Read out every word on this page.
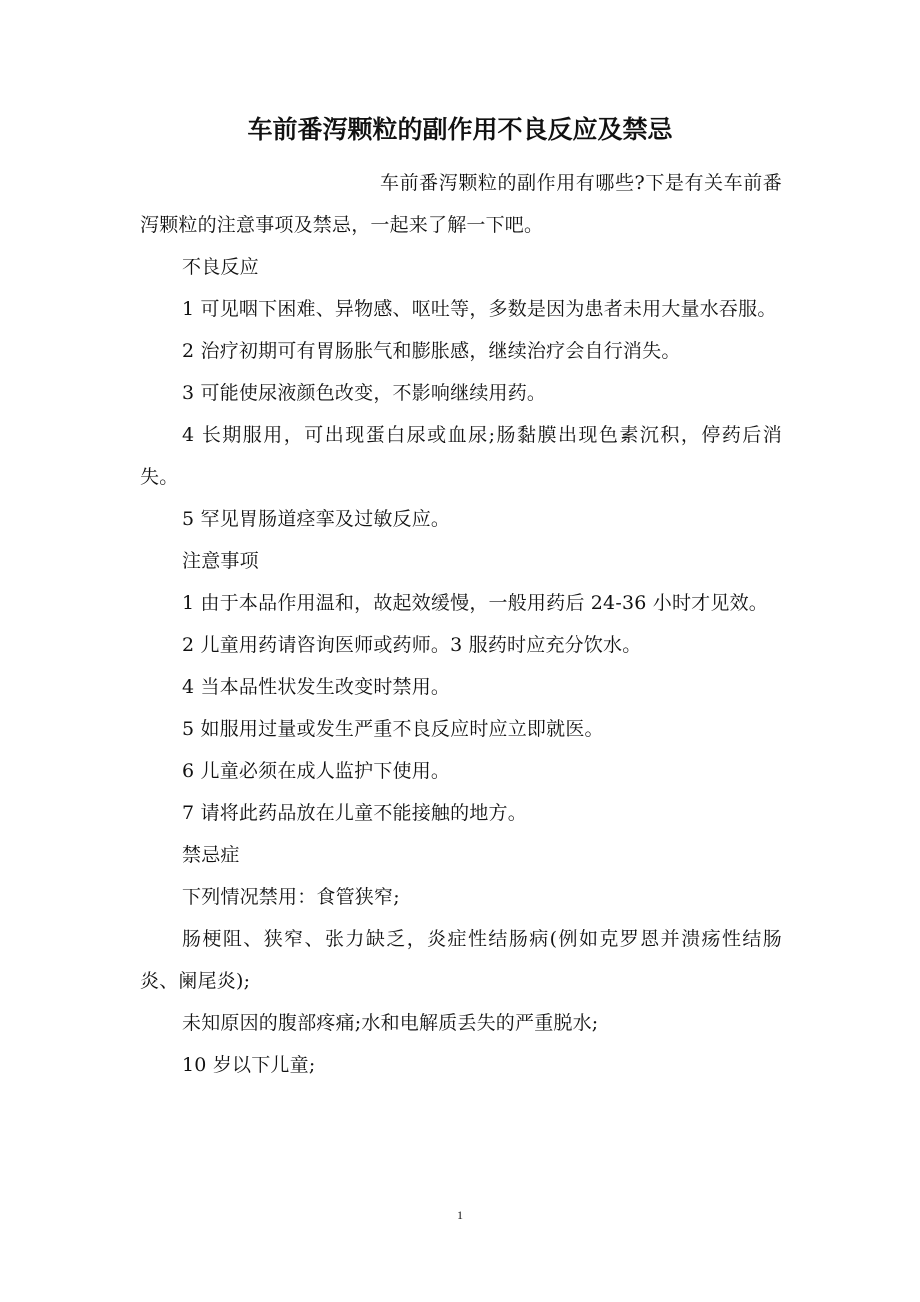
车前番泻颗粒的副作用不良反应及禁忌

车前番泻颗粒的副作用有哪些?下是有关车前番泻颗粒的注意事项及禁忌，一起来了解一下吧。

不良反应

1 可见咽下困难、异物感、呕吐等，多数是因为患者未用大量水吞服。

2 治疗初期可有胃肠胀气和膨胀感，继续治疗会自行消失。

3 可能使尿液颜色改变，不影响继续用药。

4 长期服用，可出现蛋白尿或血尿;肠黏膜出现色素沉积，停药后消失。

5 罕见胃肠道痉挛及过敏反应。

注意事项

1 由于本品作用温和，故起效缓慢，一般用药后 24-36 小时才见效。

2 儿童用药请咨询医师或药师。3 服药时应充分饮水。

4 当本品性状发生改变时禁用。

5 如服用过量或发生严重不良反应时应立即就医。

6 儿童必须在成人监护下使用。

7 请将此药品放在儿童不能接触的地方。

禁忌症

下列情况禁用：食管狭窄;

肠梗阻、狭窄、张力缺乏，炎症性结肠病(例如克罗恩并溃疡性结肠炎、阑尾炎);

未知原因的腹部疼痛;水和电解质丢失的严重脱水;

10 岁以下儿童;

1
